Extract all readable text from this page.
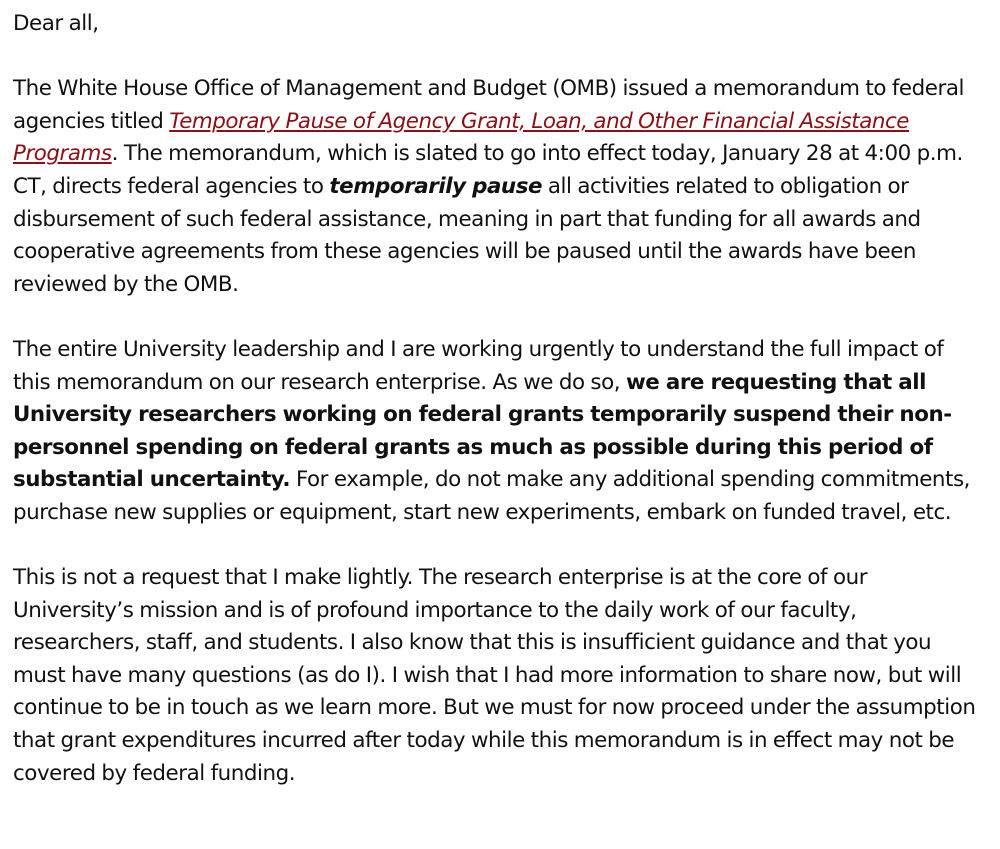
Dear all,

The White House Office of Management and Budget (OMB) issued a memorandum to federal agencies titled Temporary Pause of Agency Grant, Loan, and Other Financial Assistance Programs. The memorandum, which is slated to go into effect today, January 28 at 4:00 p.m. CT, directs federal agencies to temporarily pause all activities related to obligation or disbursement of such federal assistance, meaning in part that funding for all awards and cooperative agreements from these agencies will be paused until the awards have been reviewed by the OMB.

The entire University leadership and I are working urgently to understand the full impact of this memorandum on our research enterprise. As we do so, we are requesting that all University researchers working on federal grants temporarily suspend their non-personnel spending on federal grants as much as possible during this period of substantial uncertainty. For example, do not make any additional spending commitments, purchase new supplies or equipment, start new experiments, embark on funded travel, etc.

This is not a request that I make lightly. The research enterprise is at the core of our University’s mission and is of profound importance to the daily work of our faculty, researchers, staff, and students. I also know that this is insufficient guidance and that you must have many questions (as do I). I wish that I had more information to share now, but will continue to be in touch as we learn more. But we must for now proceed under the assumption that grant expenditures incurred after today while this memorandum is in effect may not be covered by federal funding.
